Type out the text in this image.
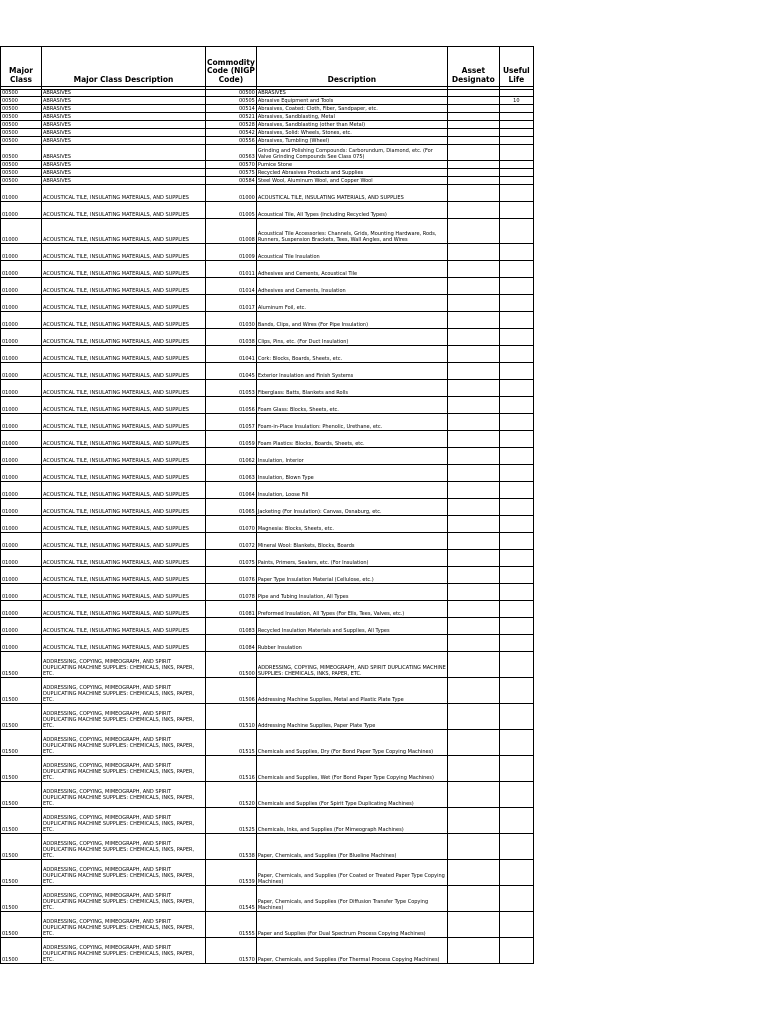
Major Class	Major Class Description	Commodity Code (NIGP Code)	Description	Asset Designato	Useful Life

00500	ABRASIVES	00500	ABRASIVES		
00500	ABRASIVES	00505	Abrasive Equipment and Tools		10
00500	ABRASIVES	00514	Abrasives, Coated: Cloth, Fiber, Sandpaper, etc.		
00500	ABRASIVES	00521	Abrasives, Sandblasting, Metal		
00500	ABRASIVES	00528	Abrasives, Sandblasting (other than Metal)		
00500	ABRASIVES	00542	Abrasives, Solid: Wheels, Stones, etc.		
00500	ABRASIVES	00556	Abrasives, Tumbling (Wheel)		
00500	ABRASIVES	00563	Grinding and Polishing Compounds: Carborundum, Diamond, etc. (For Valve Grinding Compounds See Class 075)		
00500	ABRASIVES	00570	Pumice Stone		
00500	ABRASIVES	00575	Recycled Abrasives Products and Supplies		
00500	ABRASIVES	00584	Steel Wool, Aluminum Wool, and Copper Wool		
01000	ACOUSTICAL TILE, INSULATING MATERIALS, AND SUPPLIES	01000	ACOUSTICAL TILE, INSULATING MATERIALS, AND SUPPLIES		
01000	ACOUSTICAL TILE, INSULATING MATERIALS, AND SUPPLIES	01005	Acoustical Tile, All Types (Including Recycled Types)		
01000	ACOUSTICAL TILE, INSULATING MATERIALS, AND SUPPLIES	01008	Acoustical Tile Accessories: Channels, Grids, Mounting Hardware, Rods, Runners, Suspension Brackets, Tees, Wall Angles, and Wires		
01000	ACOUSTICAL TILE, INSULATING MATERIALS, AND SUPPLIES	01009	Acoustical Tile Insulation		
01000	ACOUSTICAL TILE, INSULATING MATERIALS, AND SUPPLIES	01011	Adhesives and Cements, Acoustical Tile		
01000	ACOUSTICAL TILE, INSULATING MATERIALS, AND SUPPLIES	01014	Adhesives and Cements, Insulation		
01000	ACOUSTICAL TILE, INSULATING MATERIALS, AND SUPPLIES	01017	Aluminum Foil, etc.		
01000	ACOUSTICAL TILE, INSULATING MATERIALS, AND SUPPLIES	01030	Bands, Clips, and Wires (For Pipe Insulation)		
01000	ACOUSTICAL TILE, INSULATING MATERIALS, AND SUPPLIES	01038	Clips, Pins, etc. (For Duct Insulation)		
01000	ACOUSTICAL TILE, INSULATING MATERIALS, AND SUPPLIES	01041	Cork: Blocks, Boards, Sheets, etc.		
01000	ACOUSTICAL TILE, INSULATING MATERIALS, AND SUPPLIES	01045	Exterior Insulation and Finish Systems		
01000	ACOUSTICAL TILE, INSULATING MATERIALS, AND SUPPLIES	01053	Fiberglass: Batts, Blankets and Rolls		
01000	ACOUSTICAL TILE, INSULATING MATERIALS, AND SUPPLIES	01056	Foam Glass: Blocks, Sheets, etc.		
01000	ACOUSTICAL TILE, INSULATING MATERIALS, AND SUPPLIES	01057	Foam-in-Place Insulation: Phenolic, Urethane, etc.		
01000	ACOUSTICAL TILE, INSULATING MATERIALS, AND SUPPLIES	01059	Foam Plastics: Blocks, Boards, Sheets, etc.		
01000	ACOUSTICAL TILE, INSULATING MATERIALS, AND SUPPLIES	01062	Insulation, Interior		
01000	ACOUSTICAL TILE, INSULATING MATERIALS, AND SUPPLIES	01063	Insulation, Blown Type		
01000	ACOUSTICAL TILE, INSULATING MATERIALS, AND SUPPLIES	01064	Insulation, Loose Fill		
01000	ACOUSTICAL TILE, INSULATING MATERIALS, AND SUPPLIES	01065	Jacketing (For Insulation): Canvas, Osnaburg, etc.		
01000	ACOUSTICAL TILE, INSULATING MATERIALS, AND SUPPLIES	01070	Magnesia: Blocks, Sheets, etc.		
01000	ACOUSTICAL TILE, INSULATING MATERIALS, AND SUPPLIES	01072	Mineral Wool: Blankets, Blocks, Boards		
01000	ACOUSTICAL TILE, INSULATING MATERIALS, AND SUPPLIES	01075	Paints, Primers, Sealers, etc. (For Insulation)		
01000	ACOUSTICAL TILE, INSULATING MATERIALS, AND SUPPLIES	01076	Paper Type Insulation Material (Cellulose, etc.)		
01000	ACOUSTICAL TILE, INSULATING MATERIALS, AND SUPPLIES	01078	Pipe and Tubing Insulation, All Types		
01000	ACOUSTICAL TILE, INSULATING MATERIALS, AND SUPPLIES	01081	Preformed Insulation, All Types (For Ells, Tees, Valves, etc.)		
01000	ACOUSTICAL TILE, INSULATING MATERIALS, AND SUPPLIES	01083	Recycled Insulation Materials and Supplies, All Types		
01000	ACOUSTICAL TILE, INSULATING MATERIALS, AND SUPPLIES	01084	Rubber Insulation		
01500	ADDRESSING, COPYING, MIMEOGRAPH, AND SPIRIT DUPLICATING MACHINE SUPPLIES: CHEMICALS, INKS, PAPER, ETC.	01500	ADDRESSING, COPYING, MIMEOGRAPH, AND SPIRIT DUPLICATING MACHINE SUPPLIES: CHEMICALS, INKS, PAPER, ETC.		
01500	ADDRESSING, COPYING, MIMEOGRAPH, AND SPIRIT DUPLICATING MACHINE SUPPLIES: CHEMICALS, INKS, PAPER, ETC.	01506	Addressing Machine Supplies, Metal and Plastic Plate Type		
01500	ADDRESSING, COPYING, MIMEOGRAPH, AND SPIRIT DUPLICATING MACHINE SUPPLIES: CHEMICALS, INKS, PAPER, ETC.	01510	Addressing Machine Supplies, Paper Plate Type		
01500	ADDRESSING, COPYING, MIMEOGRAPH, AND SPIRIT DUPLICATING MACHINE SUPPLIES: CHEMICALS, INKS, PAPER, ETC.	01515	Chemicals and Supplies, Dry (For Bond Paper Type Copying Machines)		
01500	ADDRESSING, COPYING, MIMEOGRAPH, AND SPIRIT DUPLICATING MACHINE SUPPLIES: CHEMICALS, INKS, PAPER, ETC.	01516	Chemicals and Supplies, Wet (For Bond Paper Type Copying Machines)		
01500	ADDRESSING, COPYING, MIMEOGRAPH, AND SPIRIT DUPLICATING MACHINE SUPPLIES: CHEMICALS, INKS, PAPER, ETC.	01520	Chemicals and Supplies (For Spirit Type Duplicating Machines)		
01500	ADDRESSING, COPYING, MIMEOGRAPH, AND SPIRIT DUPLICATING MACHINE SUPPLIES: CHEMICALS, INKS, PAPER, ETC.	01525	Chemicals, Inks, and Supplies (For Mimeograph Machines)		
01500	ADDRESSING, COPYING, MIMEOGRAPH, AND SPIRIT DUPLICATING MACHINE SUPPLIES: CHEMICALS, INKS, PAPER, ETC.	01538	Paper, Chemicals, and Supplies (For Blueline Machines)		
01500	ADDRESSING, COPYING, MIMEOGRAPH, AND SPIRIT DUPLICATING MACHINE SUPPLIES: CHEMICALS, INKS, PAPER, ETC.	01539	Paper, Chemicals, and Supplies (For Coated or Treated Paper Type Copying Machines)		
01500	ADDRESSING, COPYING, MIMEOGRAPH, AND SPIRIT DUPLICATING MACHINE SUPPLIES: CHEMICALS, INKS, PAPER, ETC.	01545	Paper, Chemicals, and Supplies (For Diffusion Transfer Type Copying Machines)		
01500	ADDRESSING, COPYING, MIMEOGRAPH, AND SPIRIT DUPLICATING MACHINE SUPPLIES: CHEMICALS, INKS, PAPER, ETC.	01555	Paper and Supplies (For Dual Spectrum Process Copying Machines)		
01500	ADDRESSING, COPYING, MIMEOGRAPH, AND SPIRIT DUPLICATING MACHINE SUPPLIES: CHEMICALS, INKS, PAPER, ETC.	01570	Paper, Chemicals, and Supplies (For Thermal Process Copying Machines)		
